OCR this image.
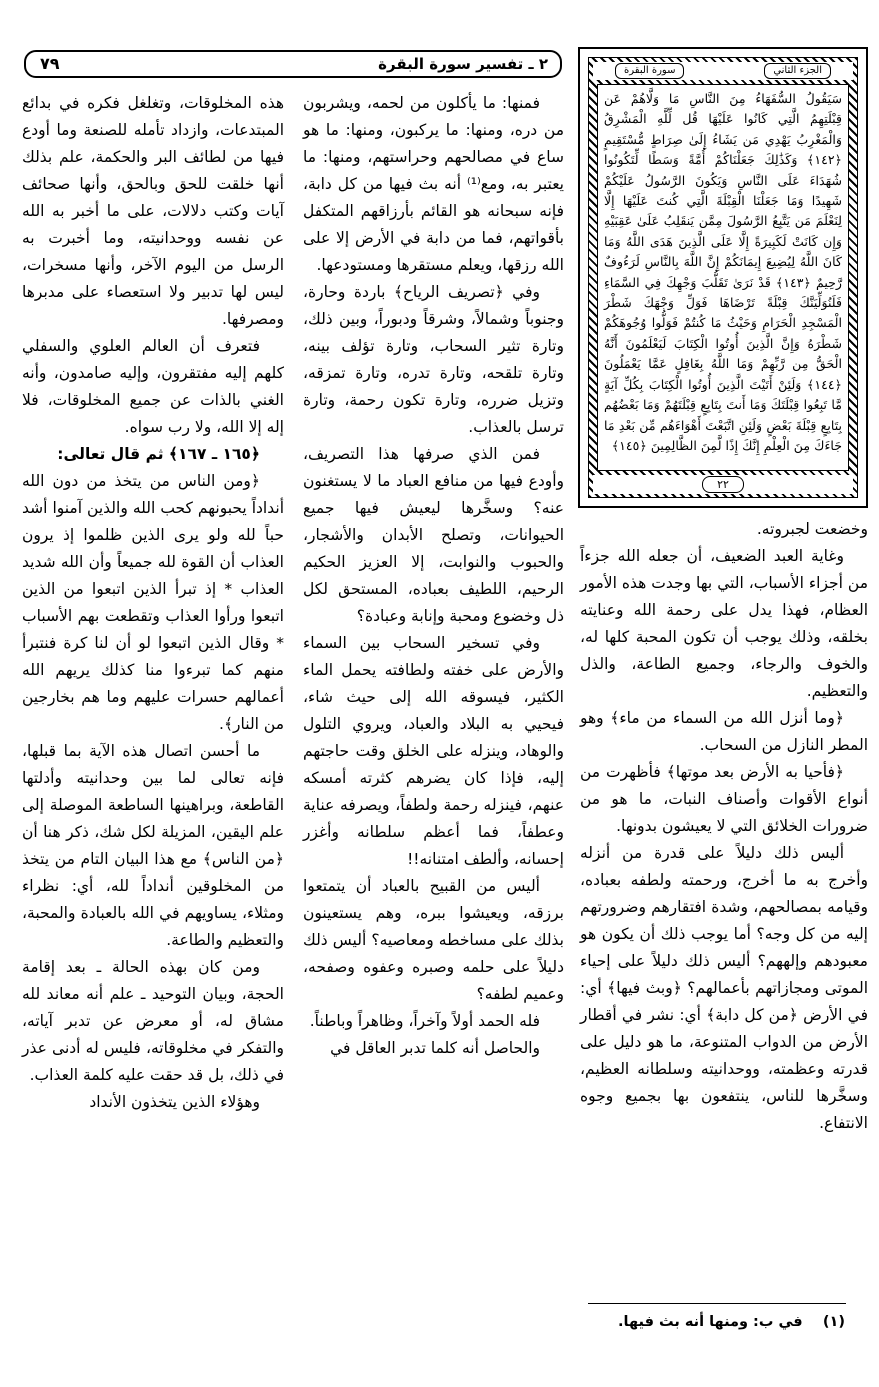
٢ ـ تفسير سورة البقرة
٧٩	الجزء الثاني
سورة البقرة
سَيَقُولُ السُّفَهَاءُ مِنَ النَّاسِ مَا وَلَّاهُمْ عَن قِبْلَتِهِمُ الَّتِي كَانُوا عَلَيْهَا قُل لِّلَّهِ الْمَشْرِقُ وَالْمَغْرِبُ يَهْدِي مَن يَشَاءُ إِلَىٰ صِرَاطٍ مُّسْتَقِيمٍ ﴿١٤٢﴾ وَكَذَٰلِكَ جَعَلْنَاكُمْ أُمَّةً وَسَطًا لِّتَكُونُوا شُهَدَاءَ عَلَى النَّاسِ وَيَكُونَ الرَّسُولُ عَلَيْكُمْ شَهِيدًا وَمَا جَعَلْنَا الْقِبْلَةَ الَّتِي كُنتَ عَلَيْهَا إِلَّا لِنَعْلَمَ مَن يَتَّبِعُ الرَّسُولَ مِمَّن يَنقَلِبُ عَلَىٰ عَقِبَيْهِ وَإِن كَانَتْ لَكَبِيرَةً إِلَّا عَلَى الَّذِينَ هَدَى اللَّهُ وَمَا كَانَ اللَّهُ لِيُضِيعَ إِيمَانَكُمْ إِنَّ اللَّهَ بِالنَّاسِ لَرَءُوفٌ رَّحِيمٌ ﴿١٤٣﴾ قَدْ نَرَىٰ تَقَلُّبَ وَجْهِكَ فِي السَّمَاءِ فَلَنُوَلِّيَنَّكَ قِبْلَةً تَرْضَاهَا فَوَلِّ وَجْهَكَ شَطْرَ الْمَسْجِدِ الْحَرَامِ وَحَيْثُ مَا كُنتُمْ فَوَلُّوا وُجُوهَكُمْ شَطْرَهُ وَإِنَّ الَّذِينَ أُوتُوا الْكِتَابَ لَيَعْلَمُونَ أَنَّهُ الْحَقُّ مِن رَّبِّهِمْ وَمَا اللَّهُ بِغَافِلٍ عَمَّا يَعْمَلُونَ ﴿١٤٤﴾ وَلَئِنْ أَتَيْتَ الَّذِينَ أُوتُوا الْكِتَابَ بِكُلِّ آيَةٍ مَّا تَبِعُوا قِبْلَتَكَ وَمَا أَنتَ بِتَابِعٍ قِبْلَتَهُمْ وَمَا بَعْضُهُم بِتَابِعٍ قِبْلَةَ بَعْضٍ وَلَئِنِ اتَّبَعْتَ أَهْوَاءَهُم مِّن بَعْدِ مَا جَاءَكَ مِنَ الْعِلْمِ إِنَّكَ إِذًا لَّمِنَ الظَّالِمِينَ ﴿١٤٥﴾
٢٢

وخضعت لجبروته.

وغاية العبد الضعيف، أن جعله الله جزءاً من أجزاء الأسباب، التي بها وجدت هذه الأمور العظام، فهذا يدل على رحمة الله وعنايته بخلقه، وذلك يوجب أن تكون المحبة كلها له، والخوف والرجاء، وجميع الطاعة، والذل والتعظيم.

﴿وما أنزل الله من السماء من ماء﴾ وهو المطر النازل من السحاب.

﴿فأحيا به الأرض بعد موتها﴾ فأظهرت من أنواع الأقوات وأصناف النبات، ما هو من ضرورات الخلائق التي لا يعيشون بدونها.

أليس ذلك دليلاً على قدرة من أنزله وأخرج به ما أخرج، ورحمته ولطفه بعباده، وقيامه بمصالحهم، وشدة افتقارهم وضرورتهم إليه من كل وجه؟ أما يوجب ذلك أن يكون هو معبودهم وإلههم؟ أليس ذلك دليلاً على إحياء الموتى ومجازاتهم بأعمالهم؟ ﴿وبث فيها﴾ أي: في الأرض ﴿من كل دابة﴾ أي: نشر في أقطار الأرض من الدواب المتنوعة، ما هو دليل على قدرته وعظمته، ووحدانيته وسلطانه العظيم، وسخَّرها للناس، ينتفعون بها بجميع وجوه الانتفاع.

فمنها: ما يأكلون من لحمه، ويشربون من دره، ومنها: ما يركبون، ومنها: ما هو ساع في مصالحهم وحراستهم، ومنها: ما يعتبر به، ومع⁽¹⁾ أنه بث فيها من كل دابة، فإنه سبحانه هو القائم بأرزاقهم المتكفل بأقواتهم، فما من دابة في الأرض إلا على الله رزقها، ويعلم مستقرها ومستودعها.

وفي ﴿تصريف الرياح﴾ باردة وحارة، وجنوباً وشمالاً، وشرقاً ودبوراً، وبين ذلك، وتارة تثير السحاب، وتارة تؤلف بينه، وتارة تلقحه، وتارة تدره، وتارة تمزقه، وتزيل ضرره، وتارة تكون رحمة، وتارة ترسل بالعذاب.

فمن الذي صرفها هذا التصريف، وأودع فيها من منافع العباد ما لا يستغنون عنه؟ وسخَّرها ليعيش فيها جميع الحيوانات، وتصلح الأبدان والأشجار، والحبوب والنوابت، إلا العزيز الحكيم الرحيم، اللطيف بعباده، المستحق لكل ذل وخضوع ومحبة وإنابة وعبادة؟

وفي تسخير السحاب بين السماء والأرض على خفته ولطافته يحمل الماء الكثير، فيسوقه الله إلى حيث شاء، فيحيي به البلاد والعباد، ويروي التلول والوهاد، وينزله على الخلق وقت حاجتهم إليه، فإذا كان يضرهم كثرته أمسكه عنهم، فينزله رحمة ولطفاً، ويصرفه عناية وعطفاً، فما أعظم سلطانه وأغزر إحسانه، وألطف امتنانه!!

أليس من القبيح بالعباد أن يتمتعوا برزقه، ويعيشوا ببره، وهم يستعينون بذلك على مساخطه ومعاصيه؟ أليس ذلك دليلاً على حلمه وصبره وعفوه وصفحه، وعميم لطفه؟

فله الحمد أولاً وآخراً، وظاهراً وباطناً.

والحاصل أنه كلما تدبر العاقل في

هذه المخلوقات، وتغلغل فكره في بدائع المبتدعات، وازداد تأمله للصنعة وما أودع فيها من لطائف البر والحكمة، علم بذلك أنها خلقت للحق وبالحق، وأنها صحائف آيات وكتب دلالات، على ما أخبر به الله عن نفسه ووحدانيته، وما أخبرت به الرسل من اليوم الآخر، وأنها مسخرات، ليس لها تدبير ولا استعصاء على مدبرها ومصرفها.

فتعرف أن العالم العلوي والسفلي كلهم إليه مفتقرون، وإليه صامدون، وأنه الغني بالذات عن جميع المخلوقات، فلا إله إلا الله، ولا رب سواه.

﴿١٦٥ ـ ١٦٧﴾ ثم قال تعالى:

﴿ومن الناس من يتخذ من دون الله أنداداً يحبونهم كحب الله والذين آمنوا أشد حباً لله ولو يرى الذين ظلموا إذ يرون العذاب أن القوة لله جميعاً وأن الله شديد العذاب * إذ تبرأ الذين اتبعوا من الذين اتبعوا ورأوا العذاب وتقطعت بهم الأسباب * وقال الذين اتبعوا لو أن لنا كرة فنتبرأ منهم كما تبرءوا منا كذلك يريهم الله أعمالهم حسرات عليهم وما هم بخارجين من النار﴾.

ما أحسن اتصال هذه الآية بما قبلها، فإنه تعالى لما بين وحدانيته وأدلتها القاطعة، وبراهينها الساطعة الموصلة إلى علم اليقين، المزيلة لكل شك، ذكر هنا أن ﴿من الناس﴾ مع هذا البيان التام من يتخذ من المخلوقين أنداداً لله، أي: نظراء ومثلاء، يساويهم في الله بالعبادة والمحبة، والتعظيم والطاعة.

ومن كان بهذه الحالة ـ بعد إقامة الحجة، وبيان التوحيد ـ علم أنه معاند لله مشاق له، أو معرض عن تدبر آياته، والتفكر في مخلوقاته، فليس له أدنى عذر في ذلك، بل قد حقت عليه كلمة العذاب.

وهؤلاء الذين يتخذون الأنداد

(١)    في ب: ومنها أنه بث فيها.
